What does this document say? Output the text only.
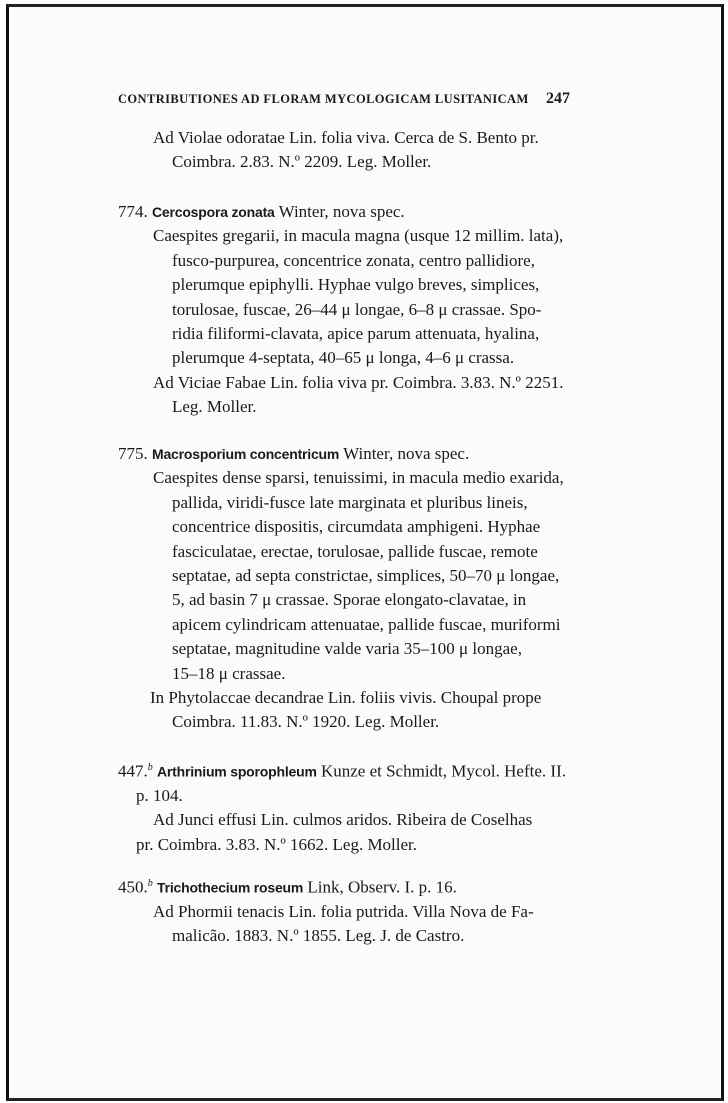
CONTRIBUTIONES AD FLORAM MYCOLOGICAM LUSITANICAM 247
Ad Violae odoratae Lin. folia viva. Cerca de S. Bento pr.
Coimbra. 2.83. N.º 2209. Leg. Moller.
774. Cercospora zonata Winter, nova spec.
Caespites gregarii, in macula magna (usque 12 millim. lata),
fusco-purpurea, concentrice zonata, centro pallidiore,
plerumque epiphylli. Hyphae vulgo breves, simplices,
torulosae, fuscae, 26–44 μ longae, 6–8 μ crassae. Spo-
ridia filiformi-clavata, apice parum attenuata, hyalina,
plerumque 4-septata, 40–65 μ longa, 4–6 μ crassa.
Ad Viciae Fabae Lin. folia viva pr. Coimbra. 3.83. N.º 2251.
Leg. Moller.
775. Macrosporium concentricum Winter, nova spec.
Caespites dense sparsi, tenuissimi, in macula medio exarida,
pallida, viridi-fusce late marginata et pluribus lineis,
concentrice dispositis, circumdata amphigeni. Hyphae
fasciculatae, erectae, torulosae, pallide fuscae, remote
septatae, ad septa constrictae, simplices, 50–70 μ longae,
5, ad basin 7 μ crassae. Sporae elongato-clavatae, in
apicem cylindricam attenuatae, pallide fuscae, muriformi
septatae, magnitudine valde varia 35–100 μ longae,
15–18 μ crassae.
In Phytolaccae decandrae Lin. foliis vivis. Choupal prope
Coimbra. 11.83. N.º 1920. Leg. Moller.
447.$^b$ Arthrinium sporophleum Kunze et Schmidt, Mycol. Hefte. II.
p. 104.
Ad Junci effusi Lin. culmos aridos. Ribeira de Coselhas
pr. Coimbra. 3.83. N.º 1662. Leg. Moller.
450.$^b$ Trichothecium roseum Link, Observ. I. p. 16.
Ad Phormii tenacis Lin. folia putrida. Villa Nova de Fa-
malicão. 1883. N.º 1855. Leg. J. de Castro.
